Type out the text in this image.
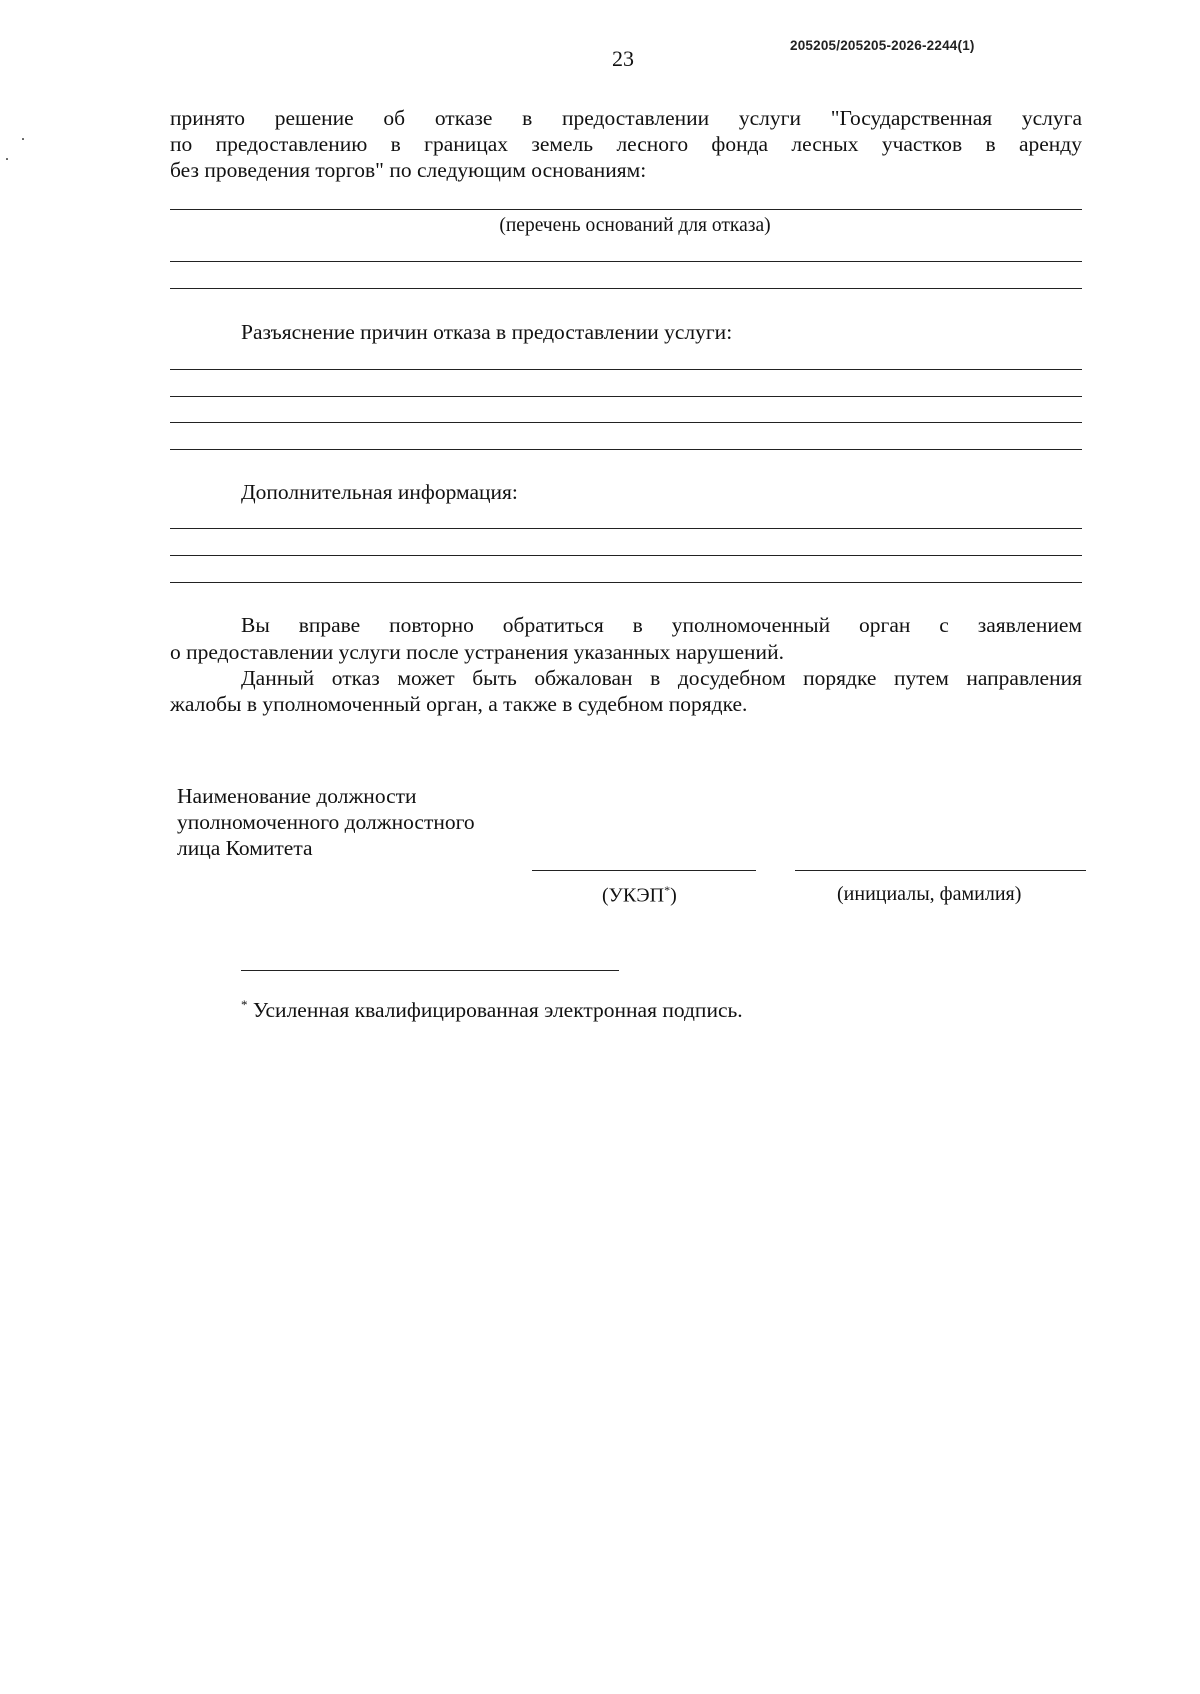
205205/205205-2026-2244(1)
23
принято решение об отказе в предоставлении услуги "Государственная услуга
по предоставлению в границах земель лесного фонда лесных участков в аренду
без проведения торгов" по следующим основаниям:
(перечень оснований для отказа)
Разъяснение причин отказа в предоставлении услуги:
Дополнительная информация:
Вы вправе повторно обратиться в уполномоченный орган с заявлением
о предоставлении услуги после устранения указанных нарушений.
Данный отказ может быть обжалован в досудебном порядке путем направления
жалобы в уполномоченный орган, а также в судебном порядке.
Наименование должности
уполномоченного должностного
лица Комитета
(УКЭП*)	(инициалы, фамилия)
* Усиленная квалифицированная электронная подпись.
